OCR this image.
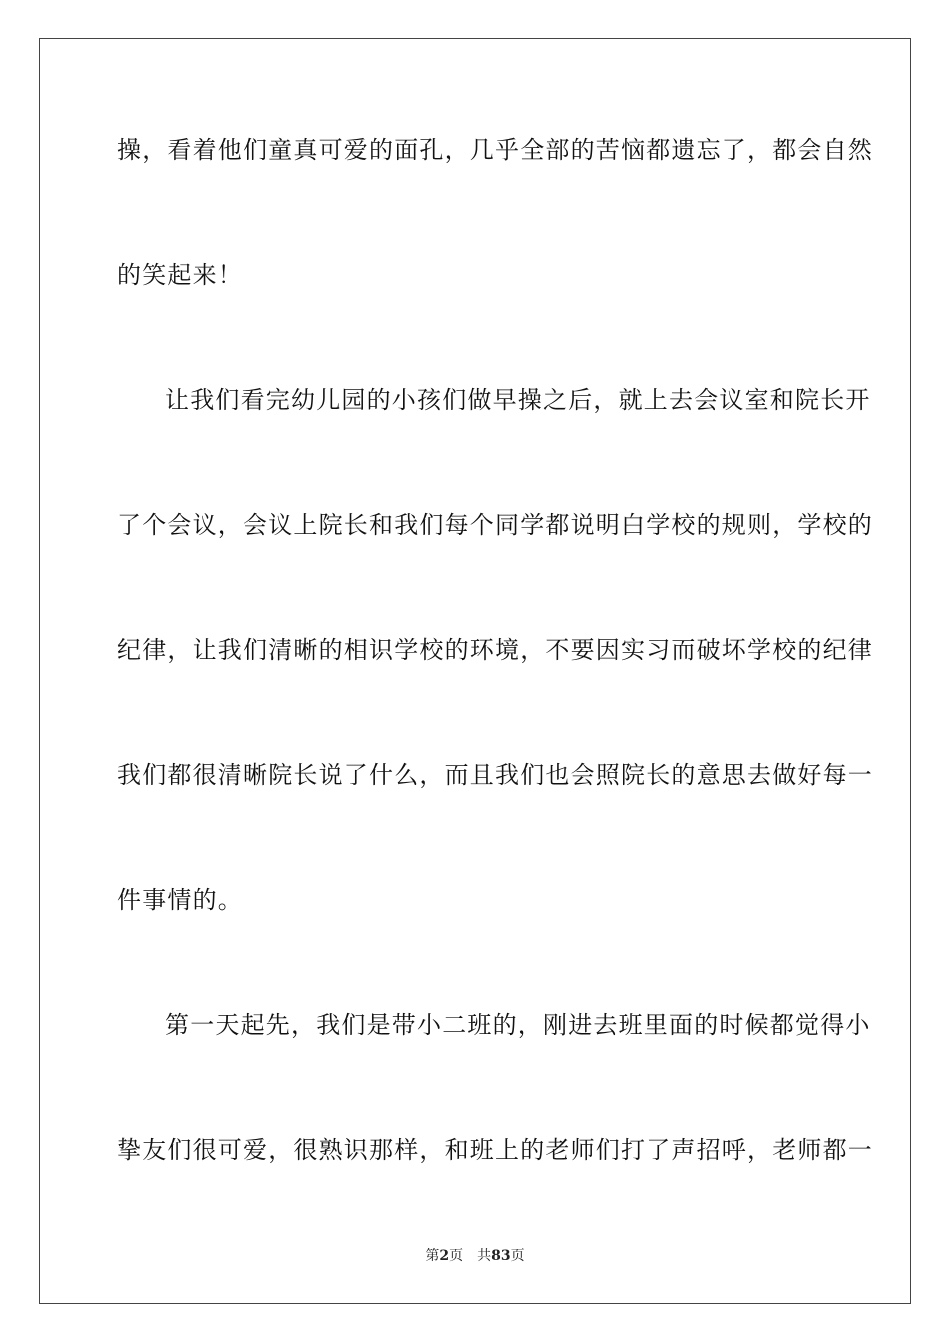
操，看着他们童真可爱的面孔，几乎全部的苦恼都遗忘了，都会自然
的笑起来！
让我们看完幼儿园的小孩们做早操之后，就上去会议室和院长开
了个会议，会议上院长和我们每个同学都说明白学校的规则，学校的
纪律，让我们清晰的相识学校的环境，不要因实习而破坏学校的纪律
我们都很清晰院长说了什么，而且我们也会照院长的意思去做好每一
件事情的。
第一天起先，我们是带小二班的，刚进去班里面的时候都觉得小
挚友们很可爱，很熟识那样，和班上的老师们打了声招呼，老师都一
第2页 共83页
